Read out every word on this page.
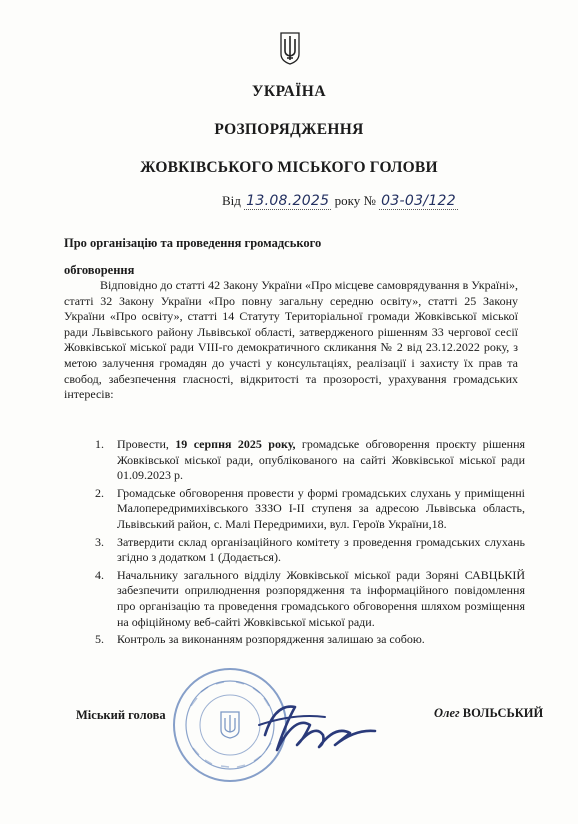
УКРАЇНА
РОЗПОРЯДЖЕННЯ
ЖОВКІВСЬКОГО МІСЬКОГО ГОЛОВИ
Від 13.08.2025 року № 03-03/122
Про організацію та проведення громадського
обговорення

Відповідно до статті 42 Закону України «Про місцеве самоврядування в Україні», статті 32 Закону України «Про повну загальну середню освіту», статті 25 Закону України «Про освіту», статті 14 Статуту Територіальної громади Жовківської міської ради Львівського району Львівської області, затвердженого рішенням 33 чергової сесії Жовківської міської ради VIII-го демократичного скликання № 2 від 23.12.2022 року, з метою залучення громадян до участі у консультаціях, реалізації і захисту їх прав та свобод, забезпечення гласності, відкритості та прозорості, урахування громадських інтересів:

1.	Провести, 19 серпня 2025 року, громадське обговорення проєкту рішення Жовківської міської ради, опублікованого на сайті Жовківської міської ради 01.09.2023 р.
2.	Громадське обговорення провести у формі громадських слухань у приміщенні Малопередримихівського ЗЗЗО І-ІІ ступеня за адресою Львівська область, Львівський район, с. Малі Передримихи, вул. Героїв України,18.
3.	Затвердити склад організаційного комітету з проведення громадських слухань згідно з додатком 1 (Додається).
4.	Начальнику загального відділу Жовківської міської ради Зоряні САВЦЬКІЙ забезпечити оприлюднення розпорядження та інформаційного повідомлення про організацію та проведення громадського обговорення шляхом розміщення на офіційному веб-сайті Жовківської міської ради.
5.	Контроль за виконанням розпорядження залишаю за собою.
Міський голова	Олег ВОЛЬСЬКИЙ
